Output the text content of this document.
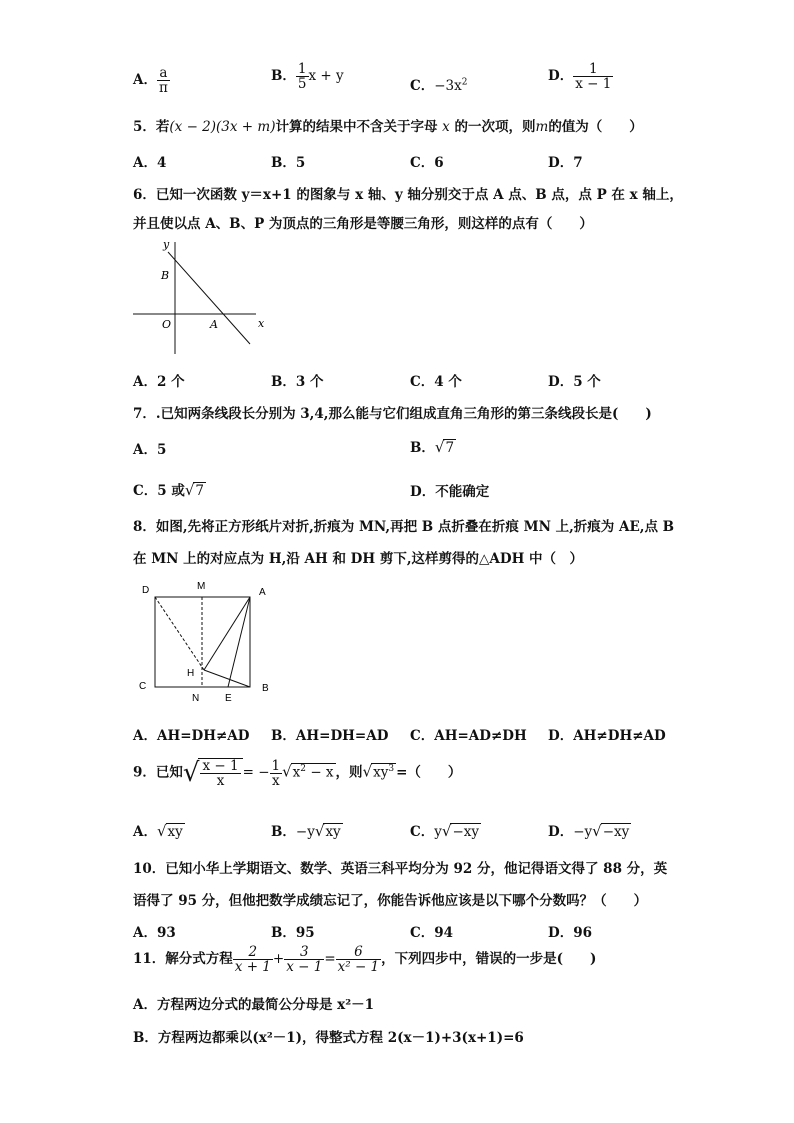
A． $\frac{a}{\pi}$	B． $\frac{1}{5}$ x + y
C．$-3x^2$	D． $\frac{1}{x - 1}$
5．若(x − 2)(3x + m)计算的结果中不含关于字母 x 的一次项，则m的值为（　　）
A．4	B．5	C．6	D．7
6．已知一次函数 y＝x+1 的图象与 x 轴、y 轴分别交于点 A 点、B 点，点 P 在 x 轴上，
并且使以点 A、B、P 为顶点的三角形是等腰三角形，则这样的点有（　　）
y
x
O	A
B
A．2 个	B．3 个	C．4 个	D．5 个
7．.已知两条线段长分别为 3,4,那么能与它们组成直角三角形的第三条线段长是(　　)
A．5	B．√7
C．5 或√7	D．不能确定
8．如图,先将正方形纸片对折,折痕为 MN,再把 B 点折叠在折痕 MN 上,折痕为 AE,点 B
在 MN 上的对应点为 H,沿 AH 和 DH 剪下,这样剪得的△ADH 中（　）
D	M
A
H
C
N	E
B
A．AH=DH≠AD B．AH=DH=AD C．AH=AD≠DH D．AH≠DH≠AD
9．已知√ $\frac{x - 1}{x}$ = − $\frac{1}{x} √x^2 - x$ ，则$√xy^3$ =（　　）
A．√xy	B．−y√xy	C．y√−xy	D．−y√−xy
10．已知小华上学期语文、数学、英语三科平均分为 92 分，他记得语文得了 88 分，英
语得了 95 分，但他把数学成绩忘记了，你能告诉他应该是以下哪个分数吗？（　　）
A．93	B．95	C．94	D．96
11．解分式方程 $\frac{2}{x + 1} + \frac{3}{x - 1} = \frac{6}{\text{x² − 1}}$ ，下列四步中，错误的一步是(　　)
A．方程两边分式的最简公分母是 x²－1
B．方程两边都乘以(x²－1)，得整式方程 2(x－1)+3(x+1)=6
